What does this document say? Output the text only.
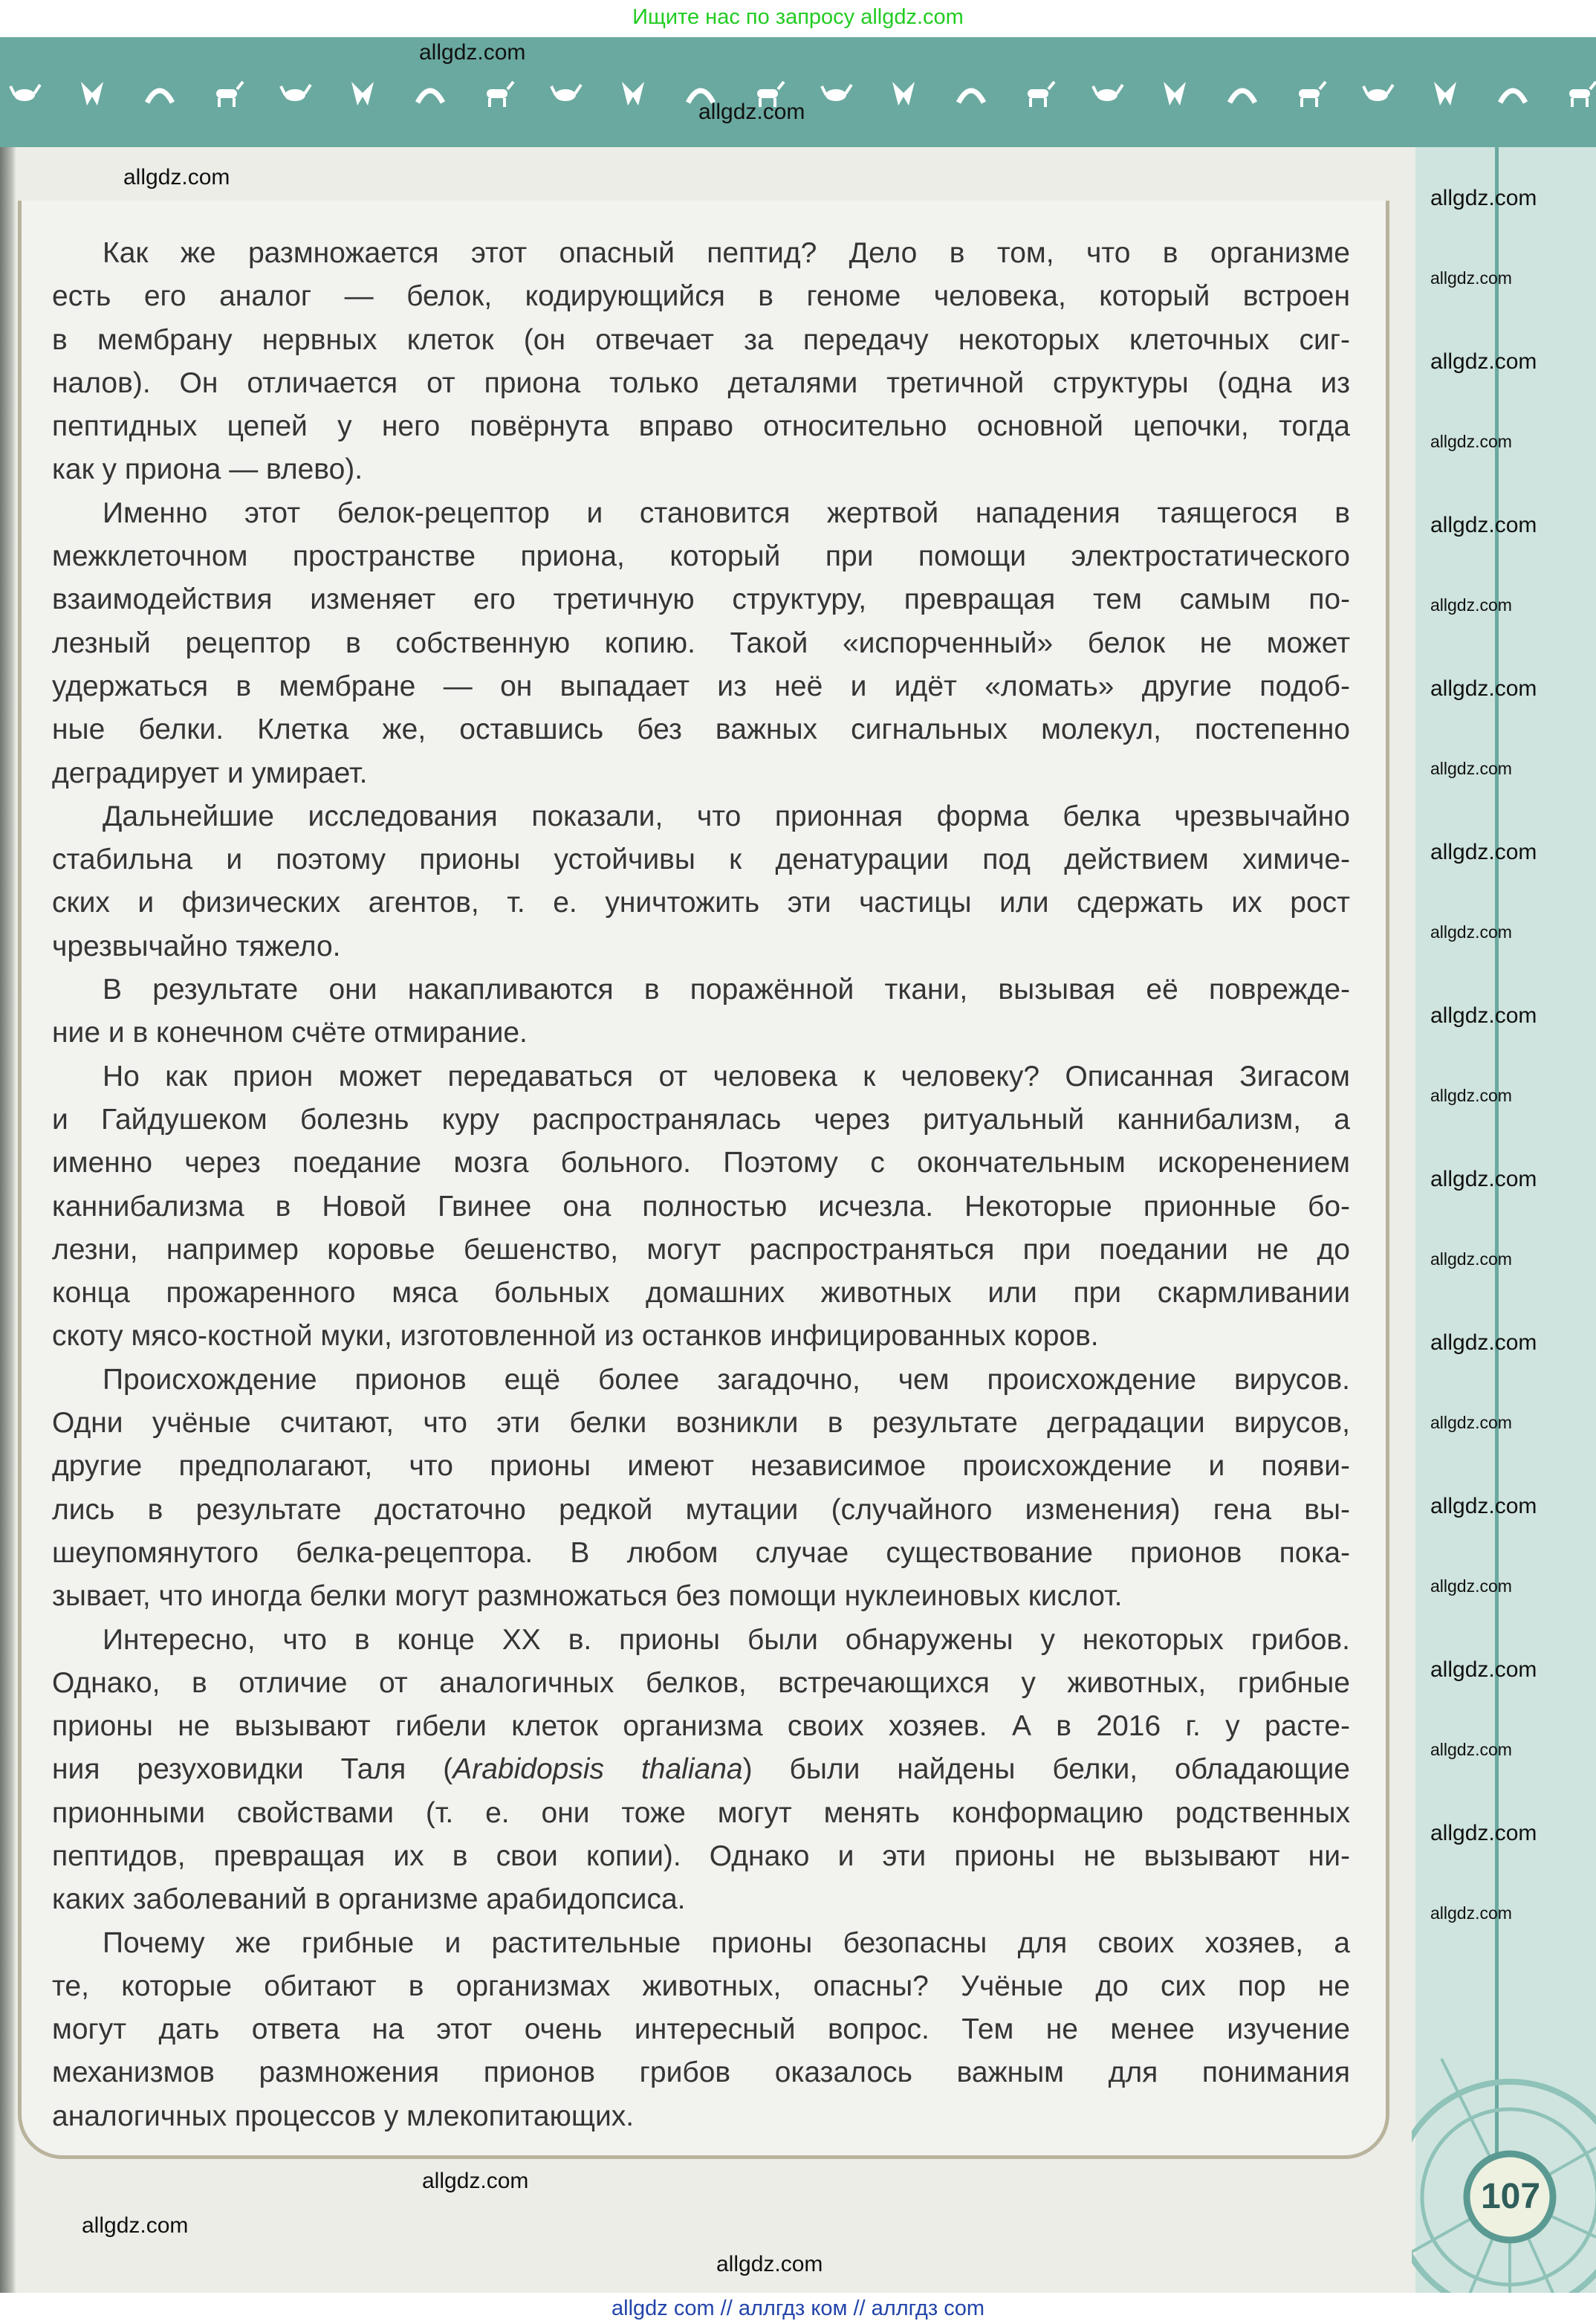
Ищите нас по запросу allgdz.com
107
Как же размножается этот опасный пептид? Дело в том, что в организме
есть его аналог — белок, кодирующийся в геноме человека, который встроен
в мембрану нервных клеток (он отвечает за передачу некоторых клеточных сиг-
налов). Он отличается от приона только деталями третичной структуры (одна из
пептидных цепей у него повёрнута вправо относительно основной цепочки, тогда
как у приона — влево).
Именно этот белок-рецептор и становится жертвой нападения таящегося в
межклеточном пространстве приона, который при помощи электростатического
взаимодействия изменяет его третичную структуру, превращая тем самым по-
лезный рецептор в собственную копию. Такой «испорченный» белок не может
удержаться в мембране — он выпадает из неё и идёт «ломать» другие подоб-
ные белки. Клетка же, оставшись без важных сигнальных молекул, постепенно
деградирует и умирает.
Дальнейшие исследования показали, что прионная форма белка чрезвычайно
стабильна и поэтому прионы устойчивы к денатурации под действием химиче-
ских и физических агентов, т. е. уничтожить эти частицы или сдержать их рост
чрезвычайно тяжело.
В результате они накапливаются в поражённой ткани, вызывая её поврежде-
ние и в конечном счёте отмирание.
Но как прион может передаваться от человека к человеку? Описанная Зигасом
и Гайдушеком болезнь куру распространялась через ритуальный каннибализм, а
именно через поедание мозга больного. Поэтому с окончательным искоренением
каннибализма в Новой Гвинее она полностью исчезла. Некоторые прионные бо-
лезни, например коровье бешенство, могут распространяться при поедании не до
конца прожаренного мяса больных домашних животных или при скармливании
скоту мясо-костной муки, изготовленной из останков инфицированных коров.
Происхождение прионов ещё более загадочно, чем происхождение вирусов.
Одни учёные считают, что эти белки возникли в результате деградации вирусов,
другие предполагают, что прионы имеют независимое происхождение и появи-
лись в результате достаточно редкой мутации (случайного изменения) гена вы-
шеупомянутого белка-рецептора. В любом случае существование прионов пока-
зывает, что иногда белки могут размножаться без помощи нуклеиновых кислот.
Интересно, что в конце XX в. прионы были обнаружены у некоторых грибов.
Однако, в отличие от аналогичных белков, встречающихся у животных, грибные
прионы не вызывают гибели клеток организма своих хозяев. А в 2016 г. у расте-
ния резуховидки Таля (Arabidopsis thaliana) были найдены белки, обладающие
прионными свойствами (т. е. они тоже могут менять конформацию родственных
пептидов, превращая их в свои копии). Однако и эти прионы не вызывают ни-
каких заболеваний в организме арабидопсиса.
Почему же грибные и растительные прионы безопасны для своих хозяев, а
те, которые обитают в организмах животных, опасны? Учёные до сих пор не
могут дать ответа на этот очень интересный вопрос. Тем не менее изучение
механизмов размножения прионов грибов оказалось важным для понимания
аналогичных процессов у млекопитающих.
allgdz.com
allgdz.com
allgdz.com
allgdz.com
allgdz.com
allgdz.com
allgdz.com
allgdz.com
allgdz.com
allgdz.com
allgdz.com
allgdz.com
allgdz.com
allgdz.com
allgdz.com
allgdz.com
allgdz.com
allgdz.com
allgdz.com
allgdz.com
allgdz.com
allgdz.com
allgdz.com
allgdz.com
allgdz.com
allgdz.com
allgdz.com
allgdz.com
allgdz com // аллгдз ком // аллгдз com
